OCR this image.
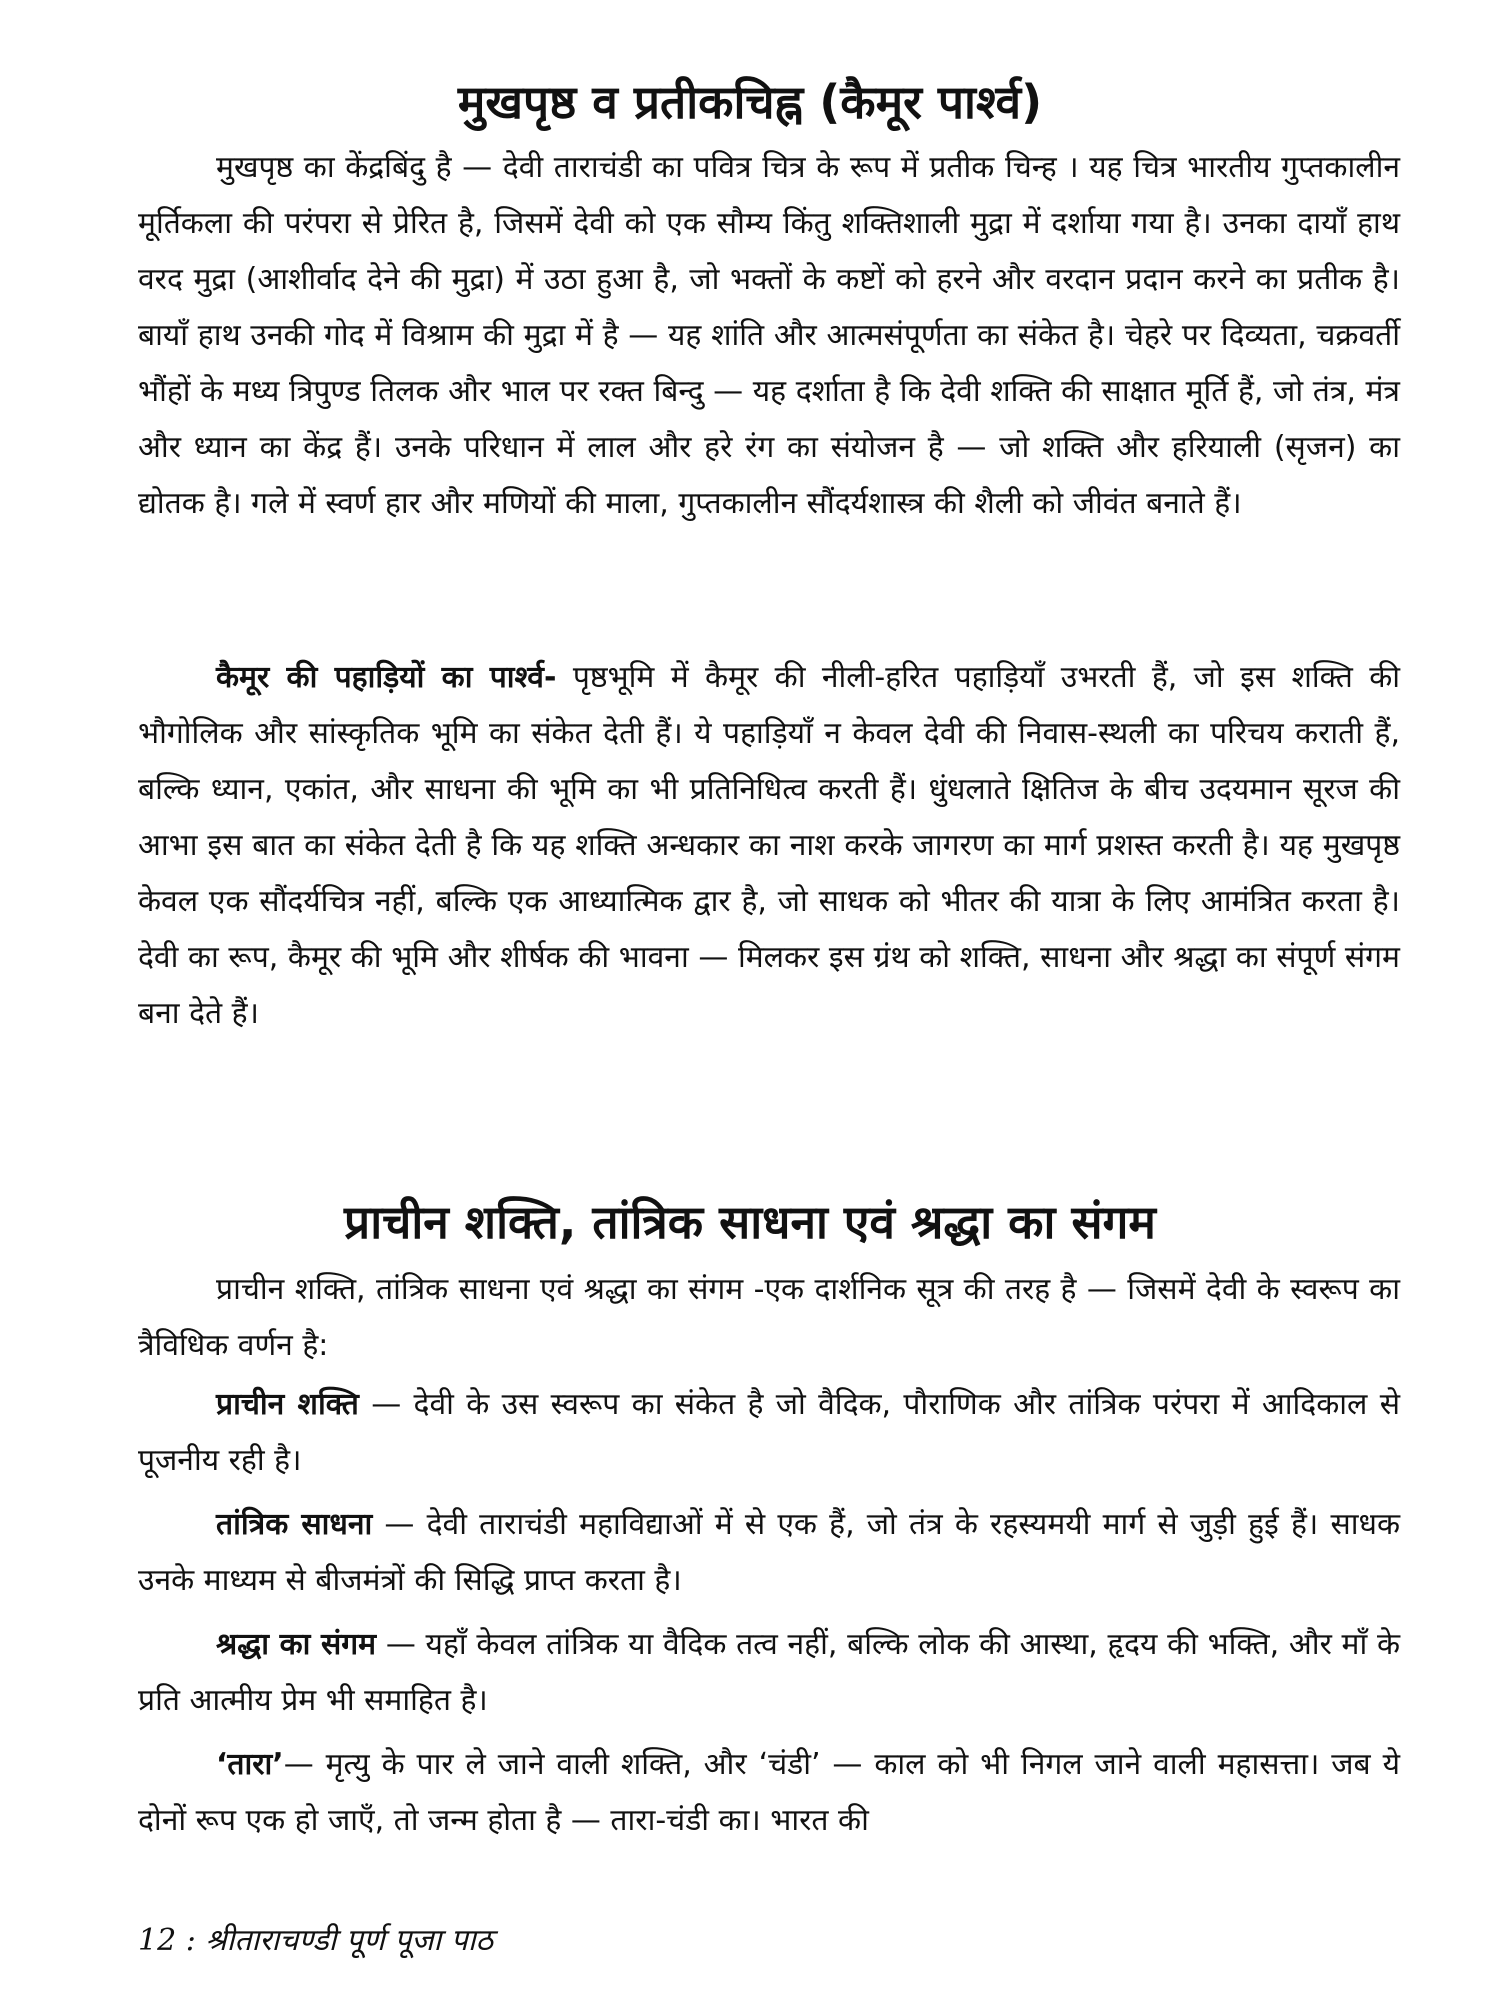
मुखपृष्ठ व प्रतीकचिह्न (कैमूर पार्श्व)

मुखपृष्ठ का केंद्रबिंदु है — देवी ताराचंडी का पवित्र चित्र के रूप में प्रतीक चिन्ह । यह चित्र भारतीय गुप्तकालीन मूर्तिकला की परंपरा से प्रेरित है, जिसमें देवी को एक सौम्य किंतु शक्तिशाली मुद्रा में दर्शाया गया है। उनका दायाँ हाथ वरद मुद्रा (आशीर्वाद देने की मुद्रा) में उठा हुआ है, जो भक्तों के कष्टों को हरने और वरदान प्रदान करने का प्रतीक है। बायाँ हाथ उनकी गोद में विश्राम की मुद्रा में है — यह शांति और आत्मसंपूर्णता का संकेत है। चेहरे पर दिव्यता, चक्रवर्ती भौंहों के मध्य त्रिपुण्ड तिलक और भाल पर रक्त बिन्दु — यह दर्शाता है कि देवी शक्ति की साक्षात मूर्ति हैं, जो तंत्र, मंत्र और ध्यान का केंद्र हैं। उनके परिधान में लाल और हरे रंग का संयोजन है — जो शक्ति और हरियाली (सृजन) का द्योतक है। गले में स्वर्ण हार और मणियों की माला, गुप्तकालीन सौंदर्यशास्त्र की शैली को जीवंत बनाते हैं।

कैमूर की पहाड़ियों का पार्श्व- पृष्ठभूमि में कैमूर की नीली-हरित पहाड़ियाँ उभरती हैं, जो इस शक्ति की भौगोलिक और सांस्कृतिक भूमि का संकेत देती हैं। ये पहाड़ियाँ न केवल देवी की निवास-स्थली का परिचय कराती हैं, बल्कि ध्यान, एकांत, और साधना की भूमि का भी प्रतिनिधित्व करती हैं। धुंधलाते क्षितिज के बीच उदयमान सूरज की आभा इस बात का संकेत देती है कि यह शक्ति अन्धकार का नाश करके जागरण का मार्ग प्रशस्त करती है। यह मुखपृष्ठ केवल एक सौंदर्यचित्र नहीं, बल्कि एक आध्यात्मिक द्वार है, जो साधक को भीतर की यात्रा के लिए आमंत्रित करता है। देवी का रूप, कैमूर की भूमि और शीर्षक की भावना — मिलकर इस ग्रंथ को शक्ति, साधना और श्रद्धा का संपूर्ण संगम बना देते हैं।

प्राचीन शक्ति, तांत्रिक साधना एवं श्रद्धा का संगम

प्राचीन शक्ति, तांत्रिक साधना एवं श्रद्धा का संगम -एक दार्शनिक सूत्र की तरह है — जिसमें देवी के स्वरूप का त्रैविधिक वर्णन है:

प्राचीन शक्ति — देवी के उस स्वरूप का संकेत है जो वैदिक, पौराणिक और तांत्रिक परंपरा में आदिकाल से पूजनीय रही है।

तांत्रिक साधना — देवी ताराचंडी महाविद्याओं में से एक हैं, जो तंत्र के रहस्यमयी मार्ग से जुड़ी हुई हैं। साधक उनके माध्यम से बीजमंत्रों की सिद्धि प्राप्त करता है।

श्रद्धा का संगम — यहाँ केवल तांत्रिक या वैदिक तत्व नहीं, बल्कि लोक की आस्था, हृदय की भक्ति, और माँ के प्रति आत्मीय प्रेम भी समाहित है।

‘तारा’— मृत्यु के पार ले जाने वाली शक्ति, और ‘चंडी’ — काल को भी निगल जाने वाली महासत्ता। जब ये दोनों रूप एक हो जाएँ, तो जन्म होता है — तारा-चंडी का। भारत की

12 : श्रीताराचण्डी पूर्ण पूजा पाठ
